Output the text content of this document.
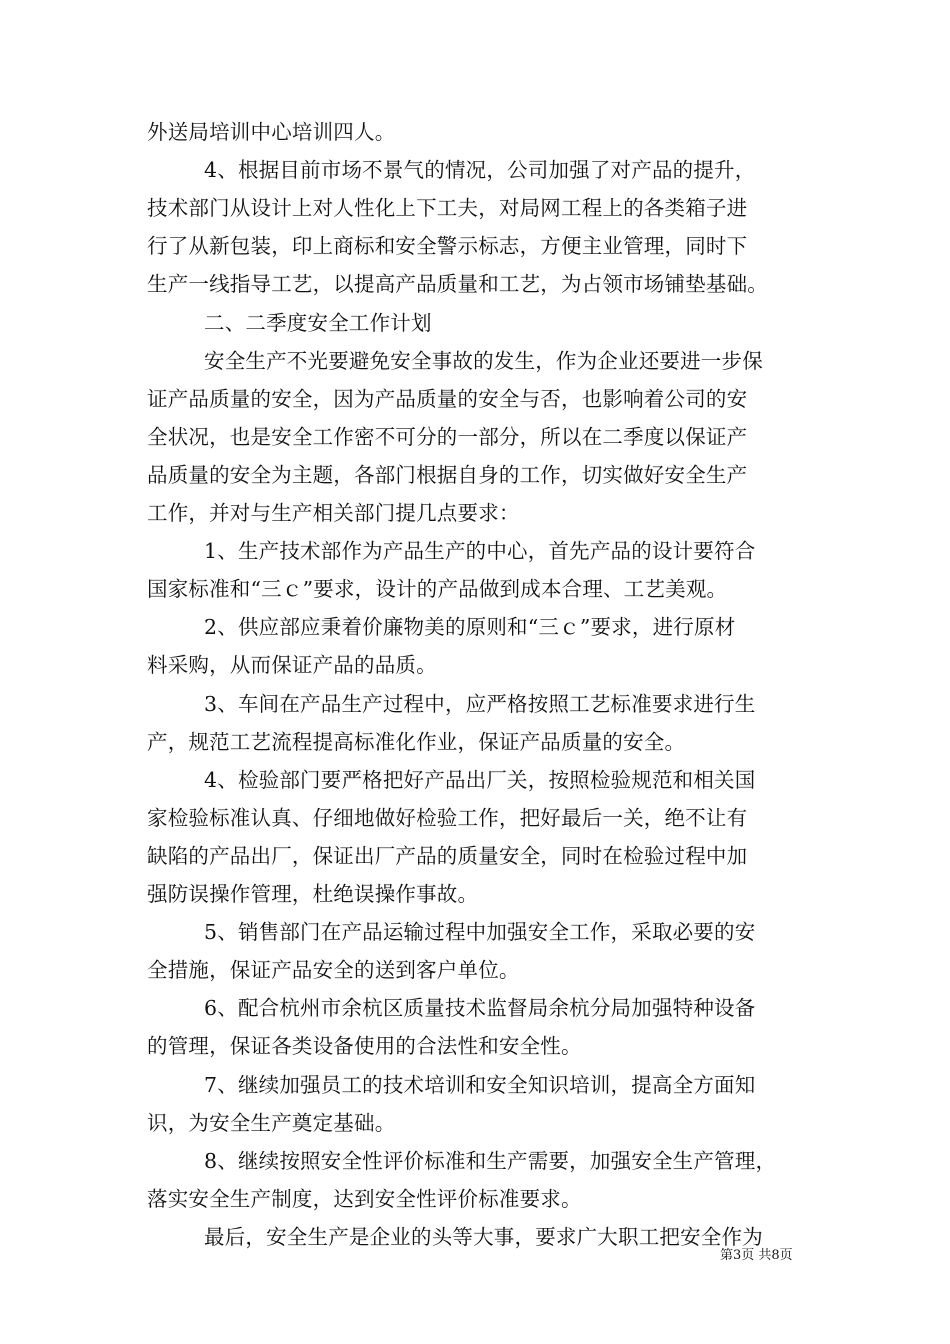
外送局培训中心培训四人。
4、根据目前市场不景气的情况，公司加强了对产品的提升，
技术部门从设计上对人性化上下工夫，对局网工程上的各类箱子进
行了从新包装，印上商标和安全警示标志，方便主业管理，同时下
生产一线指导工艺，以提高产品质量和工艺，为占领市场铺垫基础。
二、二季度安全工作计划
安全生产不光要避免安全事故的发生，作为企业还要进一步保
证产品质量的安全，因为产品质量的安全与否，也影响着公司的安
全状况，也是安全工作密不可分的一部分，所以在二季度以保证产
品质量的安全为主题，各部门根据自身的工作，切实做好安全生产
工作，并对与生产相关部门提几点要求：
1、生产技术部作为产品生产的中心，首先产品的设计要符合
国家标准和“三ｃ”要求，设计的产品做到成本合理、工艺美观。
2、供应部应秉着价廉物美的原则和“三ｃ”要求，进行原材
料采购，从而保证产品的品质。
3、车间在产品生产过程中，应严格按照工艺标准要求进行生
产，规范工艺流程提高标准化作业，保证产品质量的安全。
4、检验部门要严格把好产品出厂关，按照检验规范和相关国
家检验标准认真、仔细地做好检验工作，把好最后一关，绝不让有
缺陷的产品出厂，保证出厂产品的质量安全，同时在检验过程中加
强防误操作管理，杜绝误操作事故。
5、销售部门在产品运输过程中加强安全工作，采取必要的安
全措施，保证产品安全的送到客户单位。
6、配合杭州市余杭区质量技术监督局余杭分局加强特种设备
的管理，保证各类设备使用的合法性和安全性。
7、继续加强员工的技术培训和安全知识培训，提高全方面知
识，为安全生产奠定基础。
8、继续按照安全性评价标准和生产需要，加强安全生产管理，
落实安全生产制度，达到安全性评价标准要求。
最后，安全生产是企业的头等大事，要求广大职工把安全作为
第3页 共8页
